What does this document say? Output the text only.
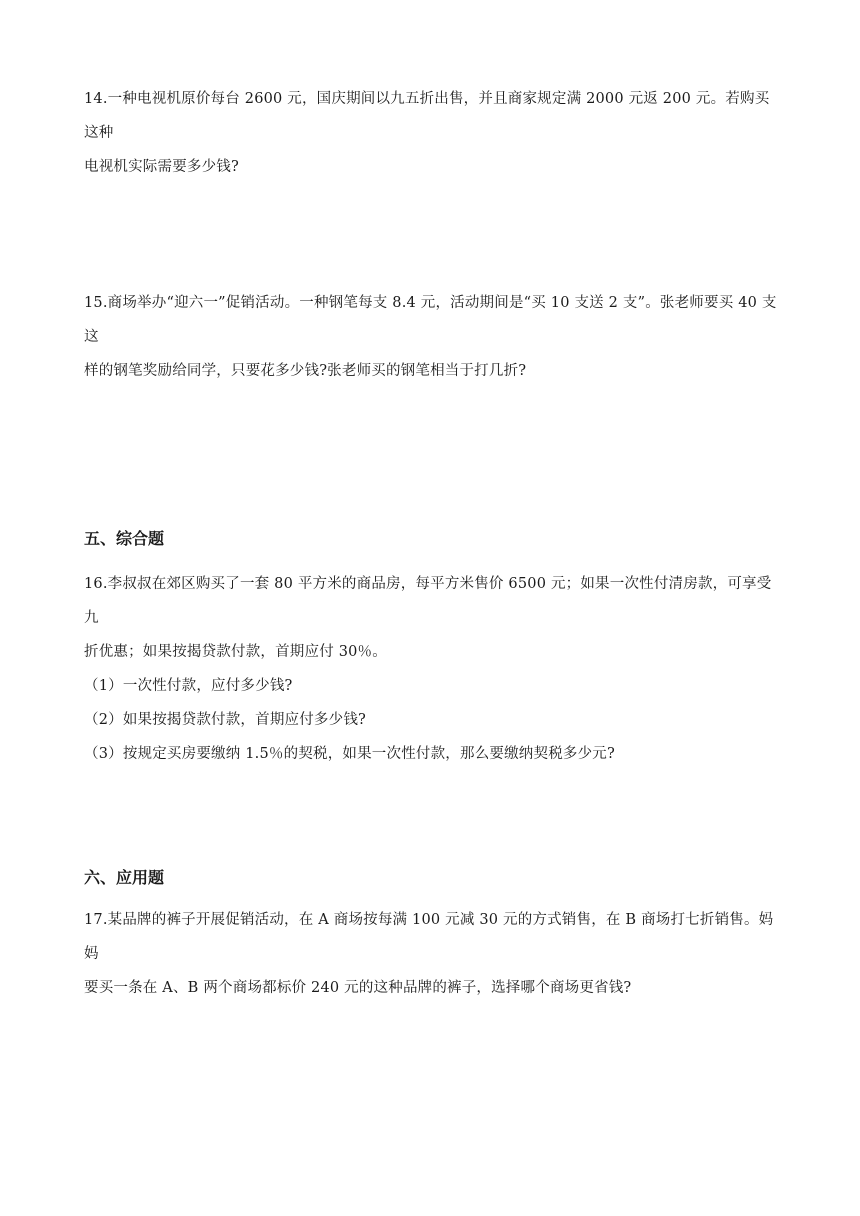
14.一种电视机原价每台 2600 元，国庆期间以九五折出售，并且商家规定满 2000 元返 200 元。若购买这种

电视机实际需要多少钱?

15.商场举办“迎六一”促销活动。一种钢笔每支 8.4 元，活动期间是“买 10 支送 2 支”。张老师要买 40 支这

样的钢笔奖励给同学，只要花多少钱?张老师买的钢笔相当于打几折?

五、综合题

16.李叔叔在郊区购买了一套 80 平方米的商品房，每平方米售价 6500 元；如果一次性付清房款，可享受九

折优惠；如果按揭贷款付款，首期应付 30％。

（1）一次性付款，应付多少钱?

（2）如果按揭贷款付款，首期应付多少钱?

（3）按规定买房要缴纳 1.5％的契税，如果一次性付款，那么要缴纳契税多少元?

六、应用题

17.某品牌的裤子开展促销活动，在 A 商场按每满 100 元减 30 元的方式销售，在 B 商场打七折销售。妈妈

要买一条在 A、B 两个商场都标价 240 元的这种品牌的裤子，选择哪个商场更省钱?
